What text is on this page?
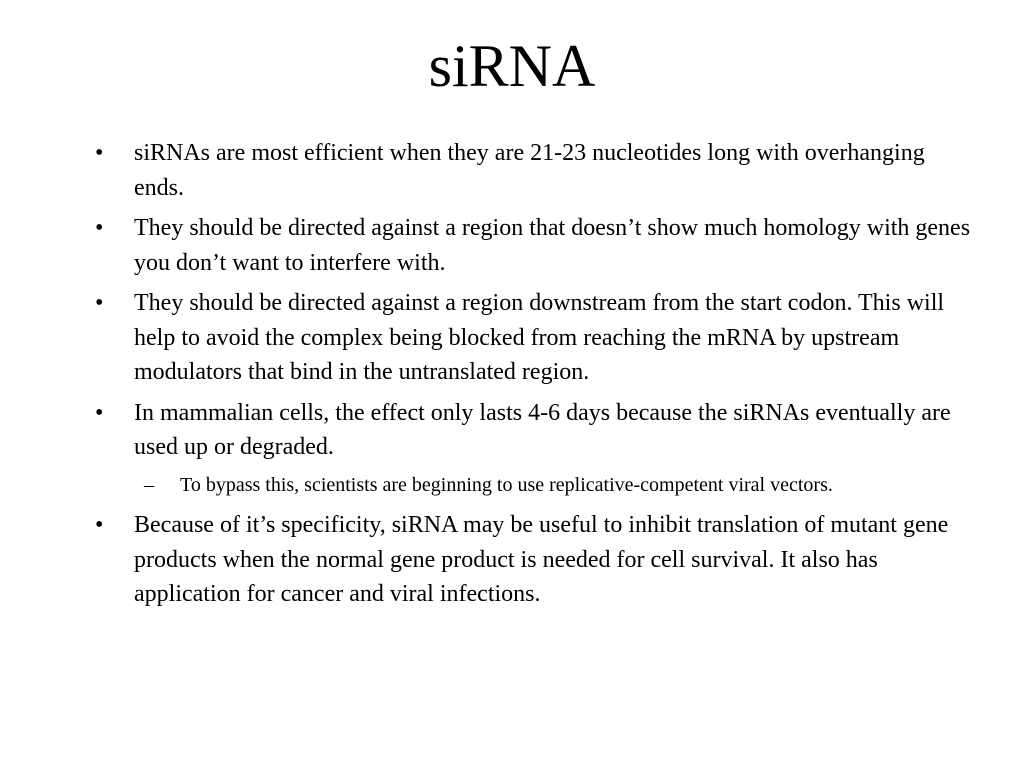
siRNA
• siRNAs are most efficient when they are 21-23 nucleotides long with overhanging ends.
• They should be directed against a region that doesn’t show much homology with genes you don’t want to interfere with.
• They should be directed against a region downstream from the start codon. This will help to avoid the complex being blocked from reaching the mRNA by upstream modulators that bind in the untranslated region.
• In mammalian cells, the effect only lasts 4-6 days because the siRNAs eventually are used up or degraded.
– To bypass this, scientists are beginning to use replicative-competent viral vectors.
• Because of it’s specificity, siRNA may be useful to inhibit translation of mutant gene products when the normal gene product is needed for cell survival. It also has application for cancer and viral infections.
